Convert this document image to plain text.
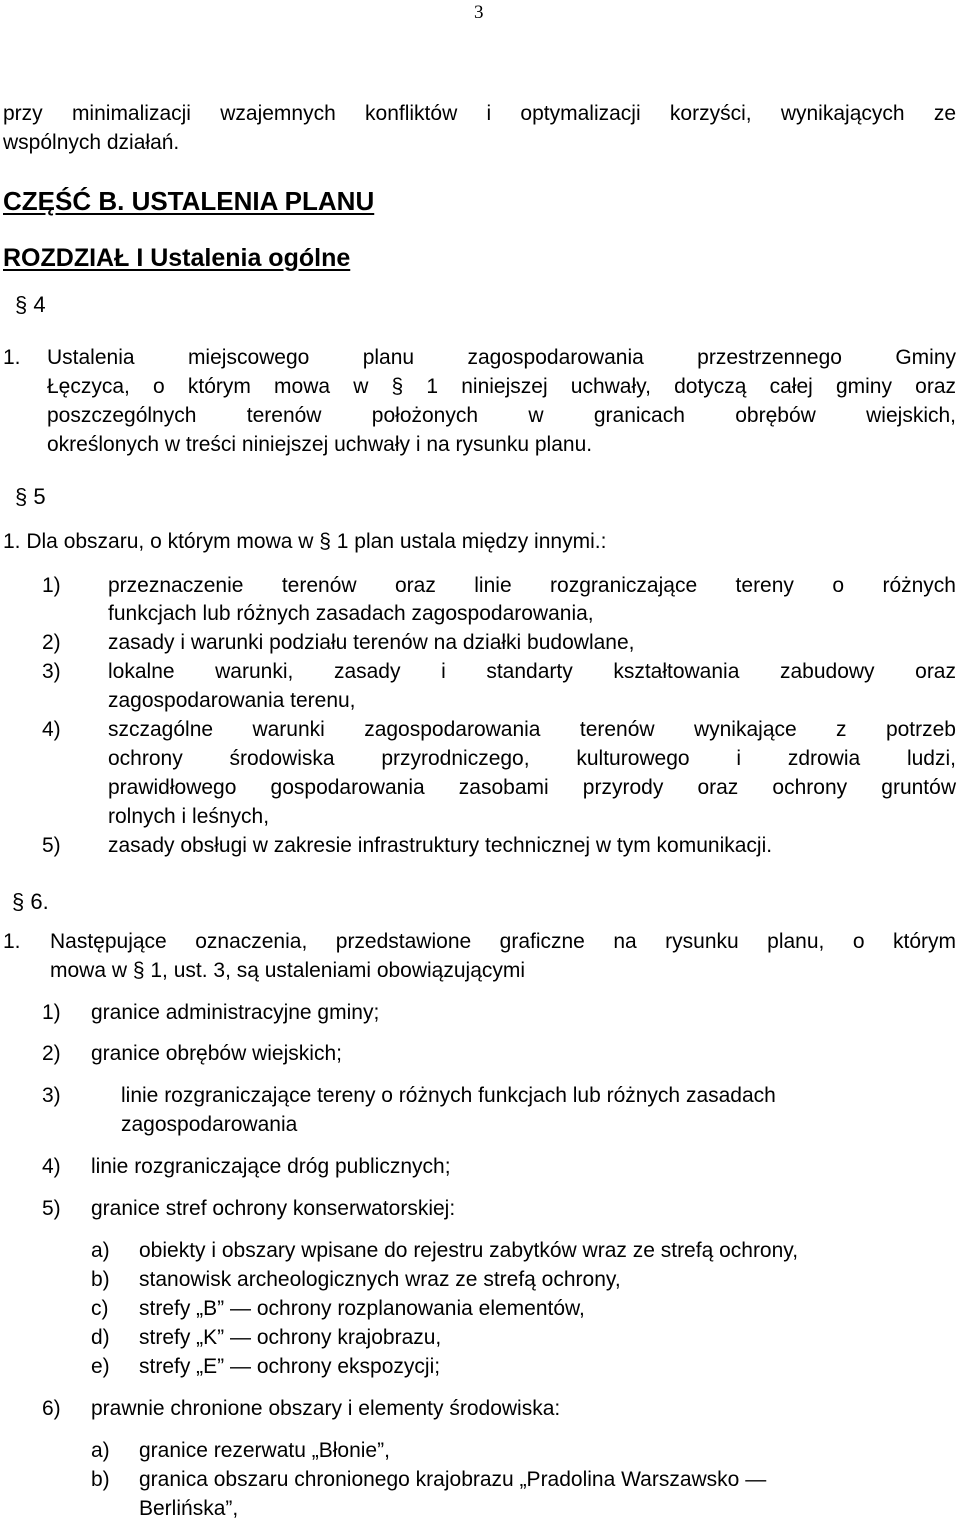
3
przy minimalizacji wzajemnych konfliktów i optymalizacji korzyści, wynikających ze
wspólnych działań.
CZĘŚĆ B. USTALENIA PLANU
ROZDZIAŁ I Ustalenia ogólne
§ 4
1. Ustalenia miejscowego planu zagospodarowania przestrzennego Gminy
Łęczyca, o którym mowa w § 1 niniejszej uchwały, dotyczą całej gminy oraz
poszczególnych terenów położonych w granicach obrębów wiejskich,
określonych w treści niniejszej uchwały i na rysunku planu.
§ 5
1. Dla obszaru, o którym mowa w § 1 plan ustala między innymi.:
1) przeznaczenie terenów oraz linie rozgraniczające tereny o różnych
funkcjach lub różnych zasadach zagospodarowania,
2) zasady i warunki podziału terenów na działki budowlane,
3) lokalne warunki, zasady i standarty kształtowania zabudowy oraz
zagospodarowania terenu,
4) szczagólne warunki zagospodarowania terenów wynikające z potrzeb
ochrony środowiska przyrodniczego, kulturowego i zdrowia ludzi,
prawidłowego gospodarowania zasobami przyrody oraz ochrony gruntów
rolnych i leśnych,
5) zasady obsługi w zakresie infrastruktury technicznej w tym komunikacji.
§ 6.
1. Następujące oznaczenia, przedstawione graficzne na rysunku planu, o którym
mowa w § 1, ust. 3, są ustaleniami obowiązującymi
1) granice administracyjne gminy;
2) granice obrębów wiejskich;
3)	linie rozgraniczające tereny o różnych funkcjach lub różnych zasadach
zagospodarowania
4) linie rozgraniczające dróg publicznych;
5) granice stref ochrony konserwatorskiej:
a) obiekty i obszary wpisane do rejestru zabytków wraz ze strefą ochrony,
b) stanowisk archeologicznych wraz ze strefą ochrony,
c) strefy „B” — ochrony rozplanowania elementów,
d) strefy „K” — ochrony krajobrazu,
e) strefy „E” — ochrony ekspozycji;
6) prawnie chronione obszary i elementy środowiska:
a) granice rezerwatu „Błonie”,
b) granica obszaru chronionego krajobrazu „Pradolina Warszawsko —
Berlińska”,
